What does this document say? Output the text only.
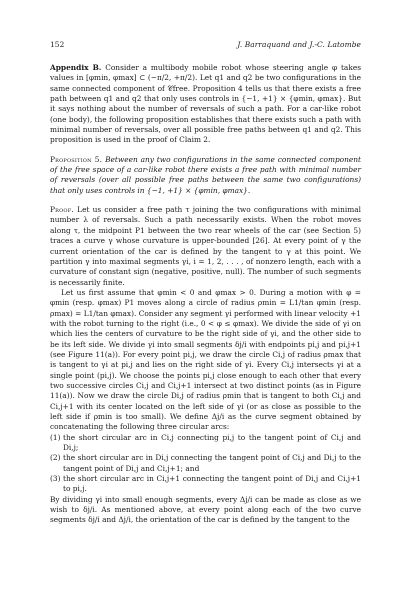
152	J. Barraquand and J.-C. Latombe

Appendix B. Consider a multibody mobile robot whose steering angle φ takes values in [φmin, φmax] ⊂ (−π/2, +π/2). Let q1 and q2 be two configurations in the same connected component of 𝒞free. Proposition 4 tells us that there exists a free path between q1 and q2 that only uses controls in {−1, +1} × {φmin, φmax}. But it says nothing about the number of reversals of such a path. For a car-like robot (one body), the following proposition establishes that there exists such a path with minimal number of reversals, over all possible free paths between q1 and q2. This proposition is used in the proof of Claim 2.

Proposition 5. Between any two configurations in the same connected component of the free space of a car-like robot there exists a free path with minimal number of reversals (over all possible free paths between the same two configurations) that only uses controls in {−1, +1} × {φmin, φmax}.

Proof. Let us consider a free path τ joining the two configurations with minimal number λ of reversals. Such a path necessarily exists. When the robot moves along τ, the midpoint P1 between the two rear wheels of the car (see Section 5) traces a curve γ whose curvature is upper-bounded [26]. At every point of γ the current orientation of the car is defined by the tangent to γ at this point. We partition γ into maximal segments γi, i = 1, 2, . . . , of nonzero length, each with a curvature of constant sign (negative, positive, null). The number of such segments is necessarily finite.

Let us first assume that φmin < 0 and φmax > 0. During a motion with φ = φmin (resp. φmax) P1 moves along a circle of radius ρmin = L1/tan φmin (resp. ρmax) = L1/tan φmax). Consider any segment γi performed with linear velocity +1 with the robot turning to the right (i.e., 0 < φ ≤ φmax). We divide the side of γi on which lies the centers of curvature to be the right side of γi, and the other side to be its left side. We divide γi into small segments δj/i with endpoints pi,j and pi,j+1 (see Figure 11(a)). For every point pi,j, we draw the circle Ci,j of radius ρmax that is tangent to γi at pi,j and lies on the right side of γi. Every Ci,j intersects γi at a single point (pi,j). We choose the points pi,j close enough to each other that every two successive circles Ci,j and Ci,j+1 intersect at two distinct points (as in Figure 11(a)). Now we draw the circle Di,j of radius ρmin that is tangent to both Ci,j and Ci,j+1 with its center located on the left side of γi (or as close as possible to the left side if ρmin is too small). We define Δj/i as the curve segment obtained by concatenating the following three circular arcs:

(1) the short circular arc in Ci,j connecting pi,j to the tangent point of Ci,j and Di,j;
(2) the short circular arc in Di,j connecting the tangent point of Ci,j and Di,j to the tangent point of Di,j and Ci,j+1; and
(3) the short circular arc in Ci,j+1 connecting the tangent point of Di,j and Ci,j+1 to pi,j.

By dividing γi into small enough segments, every Δj/i can be made as close as we wish to δj/i. As mentioned above, at every point along each of the two curve segments δj/i and Δj/i, the orientation of the car is defined by the tangent to the
